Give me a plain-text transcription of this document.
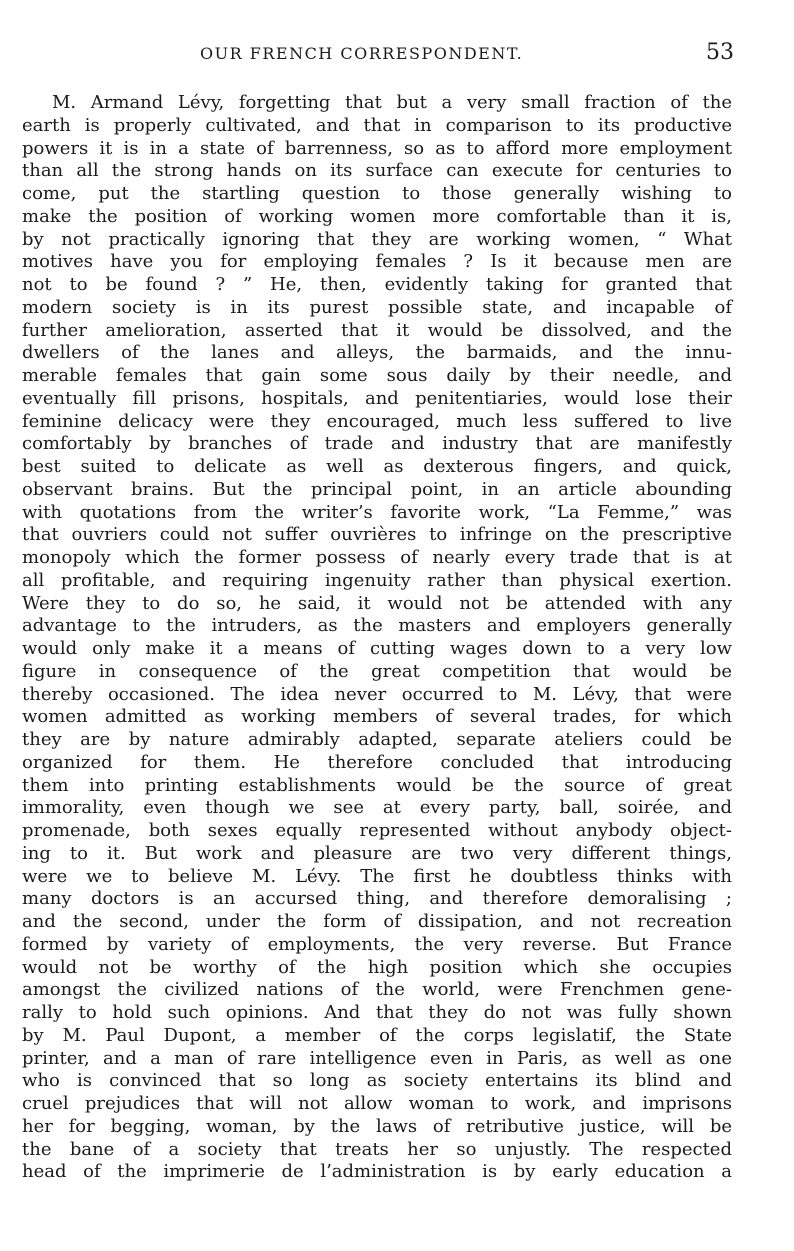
OUR FRENCH CORRESPONDENT.	53
M. Armand Lévy, forgetting that but a very small fraction of the
earth is properly cultivated, and that in comparison to its productive
powers it is in a state of barrenness, so as to afford more employment
than all the strong hands on its surface can execute for centuries to
come, put the startling question to those generally wishing to
make the position of working women more comfortable than it is,
by not practically ignoring that they are working women, “ What
motives have you for employing females ? Is it because men are
not to be found ? ” He, then, evidently taking for granted that
modern society is in its purest possible state, and incapable of
further amelioration, asserted that it would be dissolved, and the
dwellers of the lanes and alleys, the barmaids, and the innu-
merable females that gain some sous daily by their needle, and
eventually fill prisons, hospitals, and penitentiaries, would lose their
feminine delicacy were they encouraged, much less suffered to live
comfortably by branches of trade and industry that are manifestly
best suited to delicate as well as dexterous fingers, and quick,
observant brains. But the principal point, in an article abounding
with quotations from the writer’s favorite work, “La Femme,” was
that ouvriers could not suffer ouvrières to infringe on the prescriptive
monopoly which the former possess of nearly every trade that is at
all profitable, and requiring ingenuity rather than physical exertion.
Were they to do so, he said, it would not be attended with any
advantage to the intruders, as the masters and employers generally
would only make it a means of cutting wages down to a very low
figure in consequence of the great competition that would be
thereby occasioned. The idea never occurred to M. Lévy, that were
women admitted as working members of several trades, for which
they are by nature admirably adapted, separate ateliers could be
organized for them. He therefore concluded that introducing
them into printing establishments would be the source of great
immorality, even though we see at every party, ball, soirée, and
promenade, both sexes equally represented without anybody object-
ing to it. But work and pleasure are two very different things,
were we to believe M. Lévy. The first he doubtless thinks with
many doctors is an accursed thing, and therefore demoralising ;
and the second, under the form of dissipation, and not recreation
formed by variety of employments, the very reverse. But France
would not be worthy of the high position which she occupies
amongst the civilized nations of the world, were Frenchmen gene-
rally to hold such opinions. And that they do not was fully shown
by M. Paul Dupont, a member of the corps legislatif, the State
printer, and a man of rare intelligence even in Paris, as well as one
who is convinced that so long as society entertains its blind and
cruel prejudices that will not allow woman to work, and imprisons
her for begging, woman, by the laws of retributive justice, will be
the bane of a society that treats her so unjustly. The respected
head of the imprimerie de l’administration is by early education a
